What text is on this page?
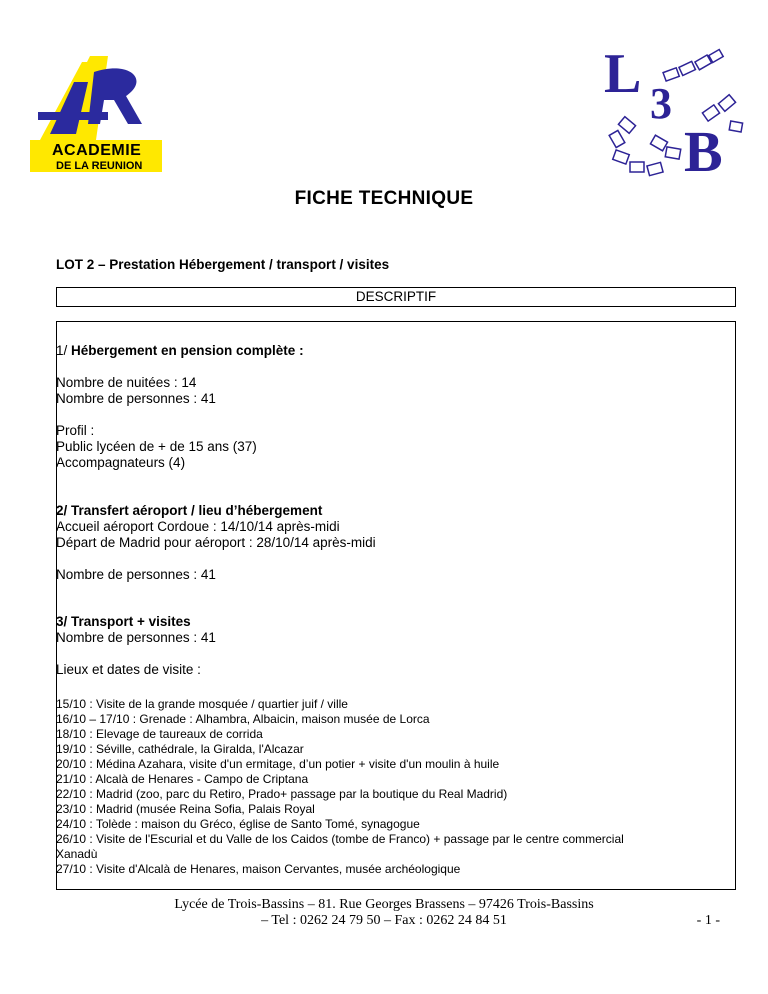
ACADEMIE
DE LA REUNION
L 3
B
FICHE TECHNIQUE
LOT 2 – Prestation Hébergement / transport / visites
DESCRIPTIF
1/ Hébergement en pension complète :
Nombre de nuitées : 14
Nombre de personnes : 41
Profil :
Public lycéen de + de 15 ans (37)
Accompagnateurs (4)
2/ Transfert aéroport / lieu d’hébergement
Accueil aéroport Cordoue : 14/10/14 après-midi
Départ de Madrid pour aéroport : 28/10/14 après-midi
Nombre de personnes : 41
3/ Transport + visites
Nombre de personnes : 41
Lieux et dates de visite :
15/10 : Visite de la grande mosquée / quartier juif / ville
16/10 – 17/10 : Grenade : Alhambra, Albaicin, maison musée de Lorca
18/10 : Elevage de taureaux de corrida
19/10 : Séville, cathédrale, la Giralda, l'Alcazar
20/10 : Médina Azahara, visite d'un ermitage, d’un potier + visite d'un moulin à huile
21/10 : Alcalà de Henares - Campo de Criptana
22/10 : Madrid (zoo, parc du Retiro, Prado+ passage par la boutique du Real Madrid)
23/10 : Madrid (musée Reina Sofia, Palais Royal
24/10 : Tolède : maison du Gréco, église de Santo Tomé, synagogue
26/10 : Visite de l'Escurial et du Valle de los Caidos (tombe de Franco) + passage par le centre commercial
Xanadù
27/10 : Visite d'Alcalà de Henares, maison Cervantes, musée archéologique
Lycée de Trois-Bassins – 81. Rue Georges Brassens – 97426 Trois-Bassins
– Tel : 0262 24 79 50 – Fax : 0262 24 84 51	- 1 -
